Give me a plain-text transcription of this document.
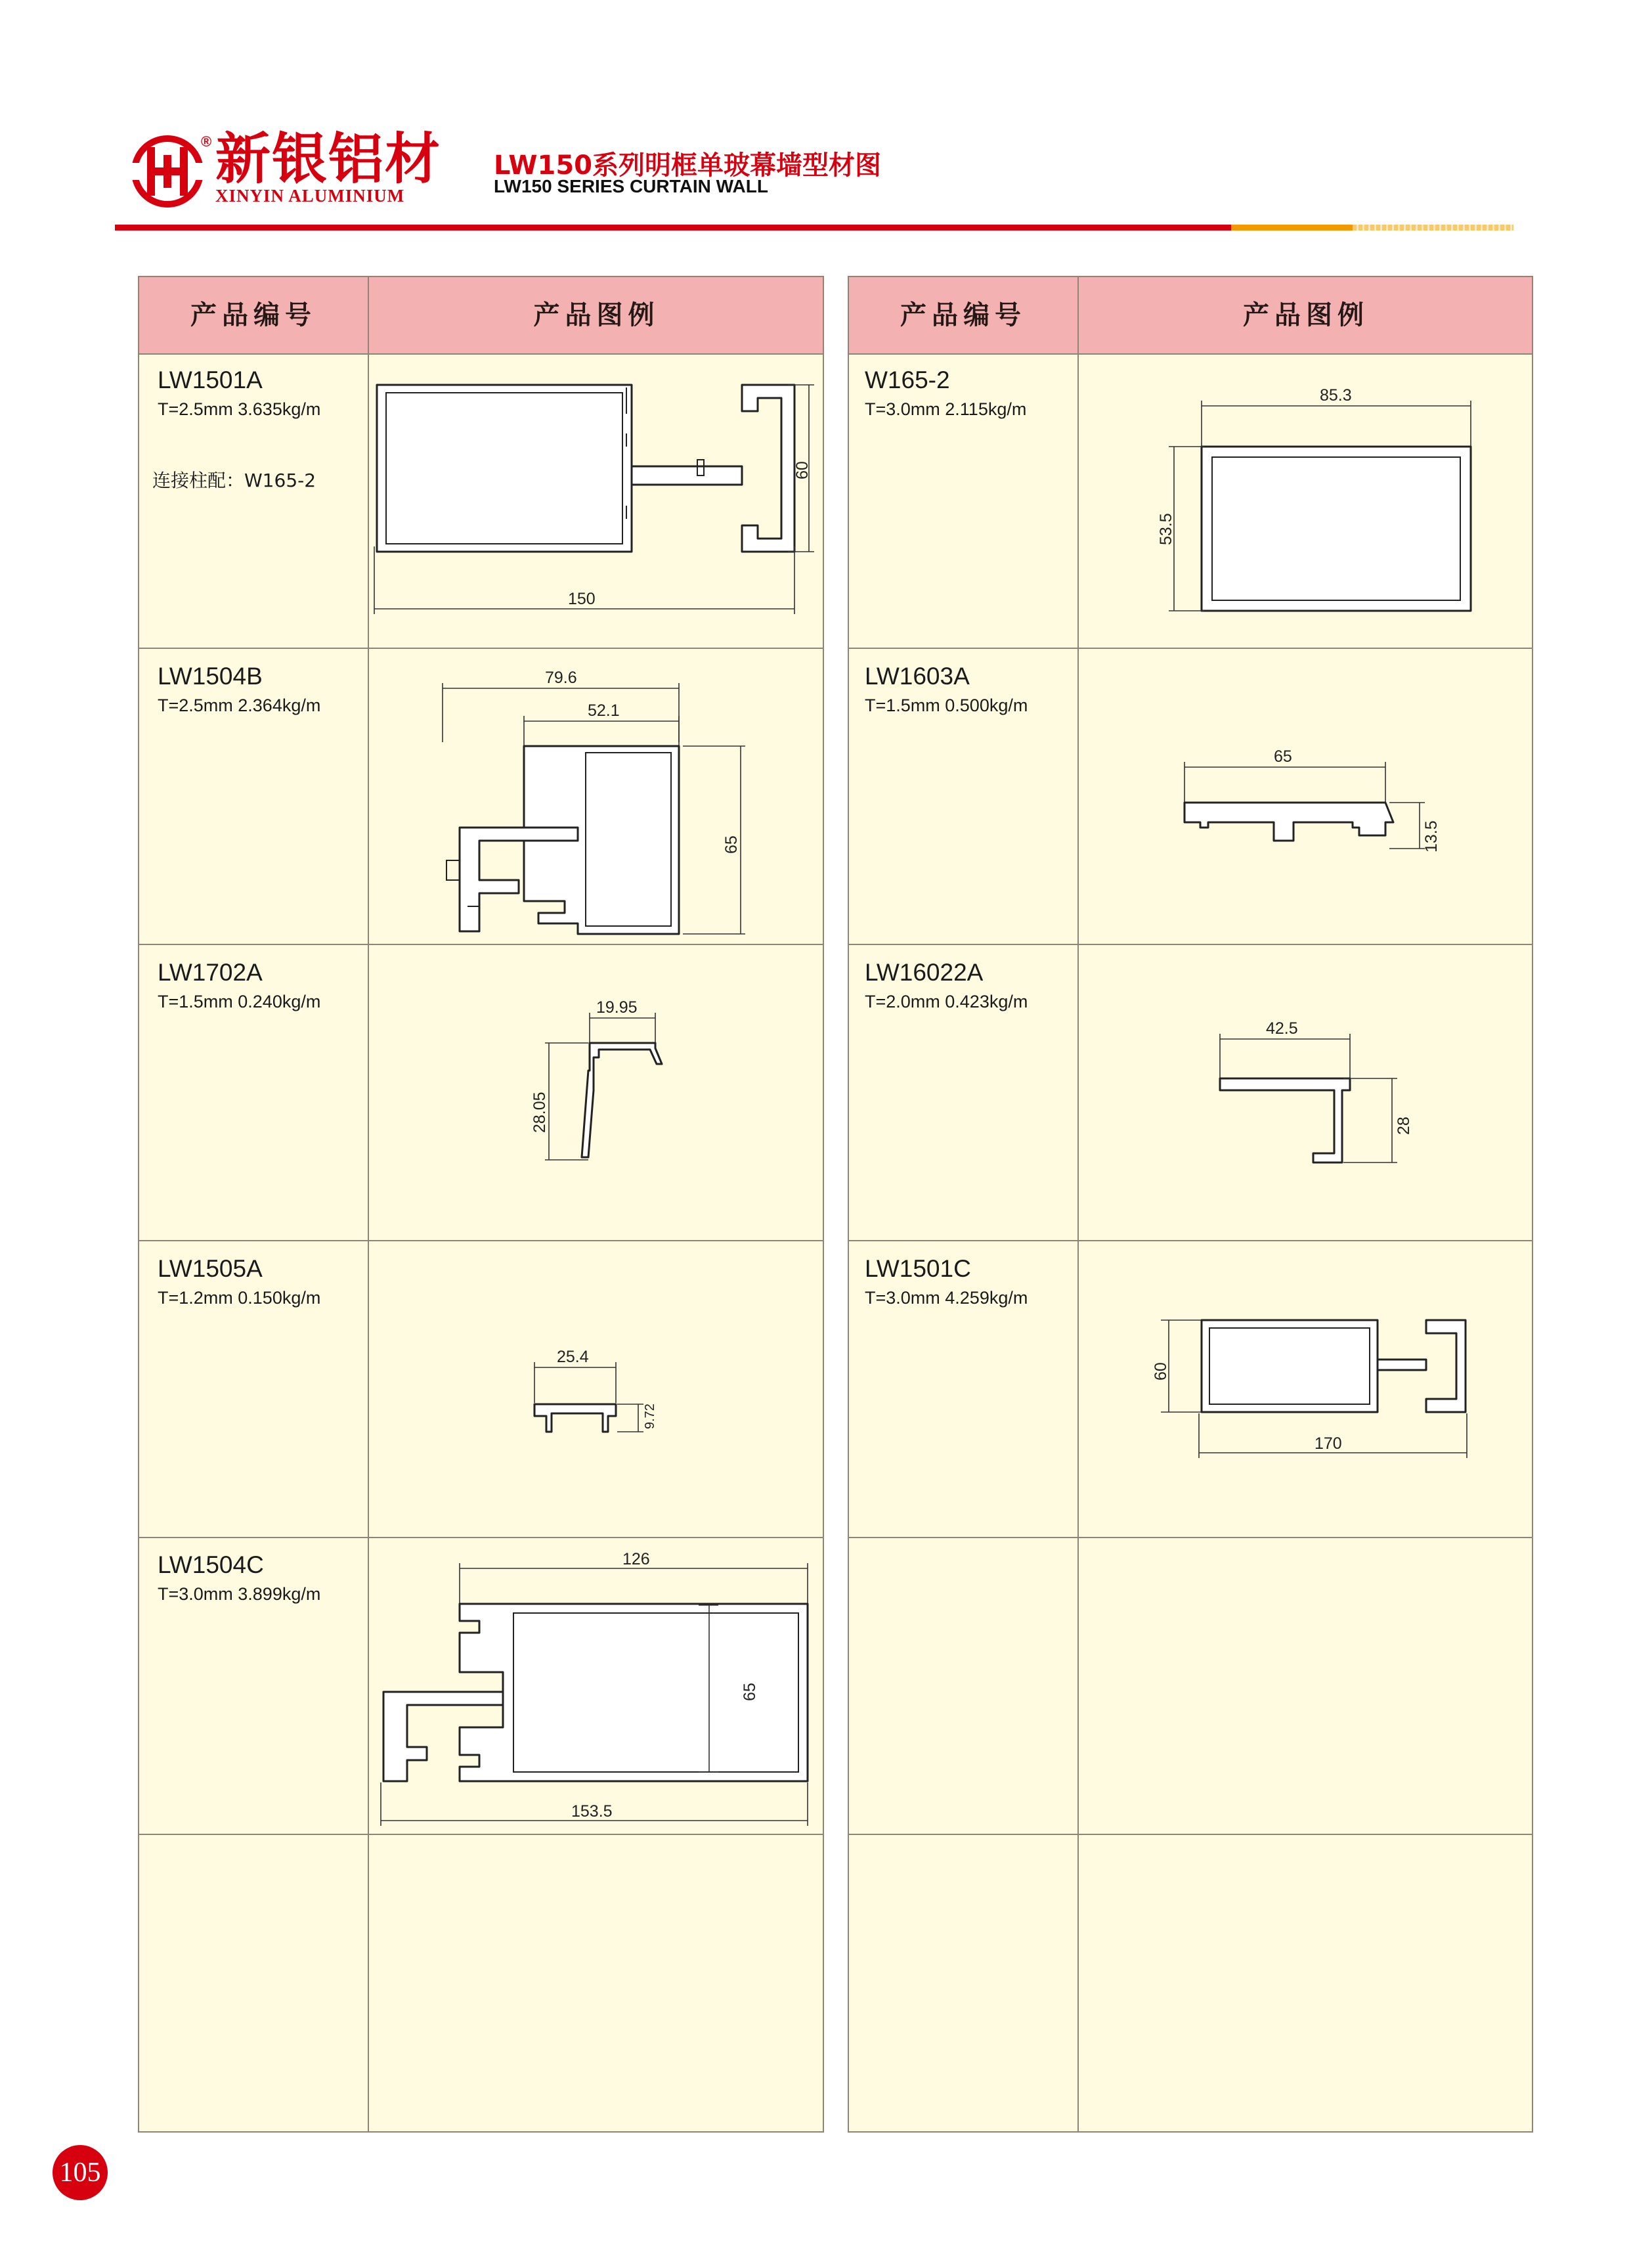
® 新银铝材
XINYIN ALUMINIUM
LW150系列明框单玻幕墙型材图
LW150 SERIES CURTAIN WALL
产品编号	产品图例
LW1501A
T=2.5mm 3.635kg/m
连接柱配：W165-2
LW1504B
T=2.5mm 2.364kg/m
LW1702A
T=1.5mm 0.240kg/m
LW1505A
T=1.2mm 0.150kg/m
LW1504C
T=3.0mm 3.899kg/m
产品编号	产品图例
W165-2
T=3.0mm 2.115kg/m
LW1603A
T=1.5mm 0.500kg/m
LW16022A
T=2.0mm 0.423kg/m
LW1501C
T=3.0mm 4.259kg/m
150
60
79.6
52.1
65
19.95
28.05
25.4
9.72
126
65
153.5
85.3
53.5
65
13.5
42.5
28
60
170
105
